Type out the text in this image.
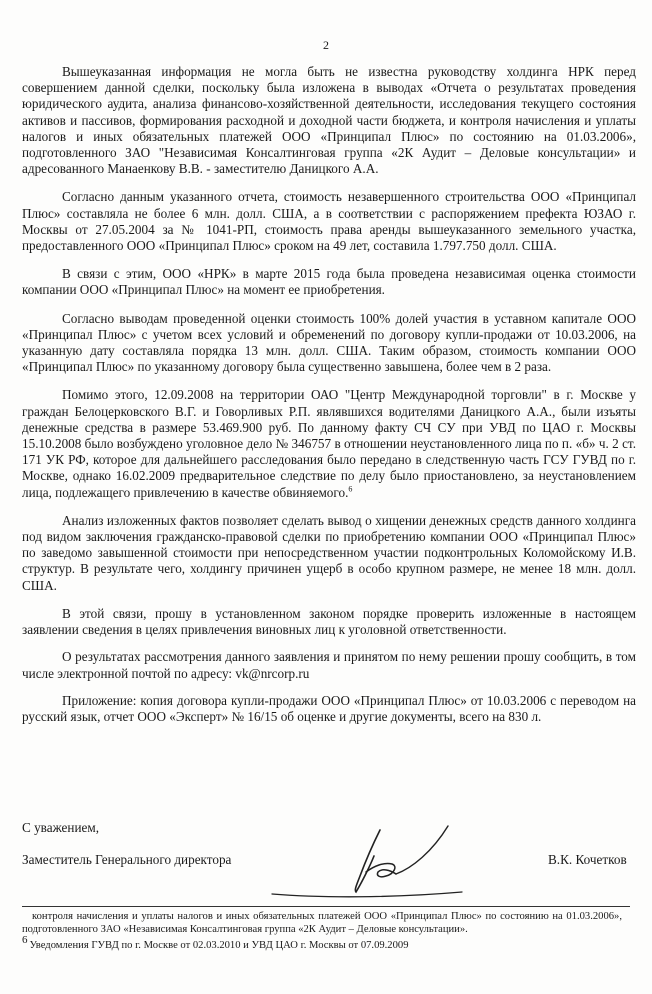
2

Вышеуказанная информация не могла быть не известна руководству холдинга НРК перед совершением данной сделки, поскольку была изложена в выводах «Отчета о результатах проведения юридического аудита, анализа финансово-хозяйственной деятельности, исследования текущего состояния активов и пассивов, формирования расходной и доходной части бюджета, и контроля начисления и уплаты налогов и иных обязательных платежей ООО «Принципал Плюс» по состоянию на 01.03.2006», подготовленного ЗАО "Независимая Консалтинговая группа «2К Аудит – Деловые консультации» и адресованного Манаенкову В.В. - заместителю Даницкого А.А.

Согласно данным указанного отчета, стоимость незавершенного строительства ООО «Принципал Плюс» составляла не более 6 млн. долл. США, а в соответствии с распоряжением префекта ЮЗАО г. Москвы от 27.05.2004 за № 1041-РП, стоимость права аренды вышеуказанного земельного участка, предоставленного ООО «Принципал Плюс» сроком на 49 лет, составила 1.797.750 долл. США.

В связи с этим, ООО «НРК» в марте 2015 года была проведена независимая оценка стоимости компании ООО «Принципал Плюс» на момент ее приобретения.

Согласно выводам проведенной оценки стоимость 100% долей участия в уставном капитале ООО «Принципал Плюс» с учетом всех условий и обременений по договору купли-продажи от 10.03.2006, на указанную дату составляла порядка 13 млн. долл. США. Таким образом, стоимость компании ООО «Принципал Плюс» по указанному договору была существенно завышена, более чем в 2 раза.

Помимо этого, 12.09.2008 на территории ОАО "Центр Международной торговли" в г. Москве у граждан Белоцерковского В.Г. и Говорливых Р.П. являвшихся водителями Даницкого А.А., были изъяты денежные средства в размере 53.469.900 руб. По данному факту СЧ СУ при УВД по ЦАО г. Москвы 15.10.2008 было возбуждено уголовное дело № 346757 в отношении неустановленного лица по п. «б» ч. 2 ст. 171 УК РФ, которое для дальнейшего расследования было передано в следственную часть ГСУ ГУВД по г. Москве, однако 16.02.2009 предварительное следствие по делу было приостановлено, за неустановлением лица, подлежащего привлечению в качестве обвиняемого.$^6$

Анализ изложенных фактов позволяет сделать вывод о хищении денежных средств данного холдинга под видом заключения гражданско-правовой сделки по приобретению компании ООО «Принципал Плюс» по заведомо завышенной стоимости при непосредственном участии подконтрольных Коломойскому И.В. структур. В результате чего, холдингу причинен ущерб в особо крупном размере, не менее 18 млн. долл. США.

В этой связи, прошу в установленном законом порядке проверить изложенные в настоящем заявлении сведения в целях привлечения виновных лиц к уголовной ответственности.

О результатах рассмотрения данного заявления и принятом по нему решении прошу сообщить, в том числе электронной почтой по адресу: vk@nrcorp.ru

Приложение: копия договора купли-продажи ООО «Принципал Плюс» от 10.03.2006 с переводом на русский язык, отчет ООО «Эксперт» № 16/15 об оценке и другие документы, всего на 830 л.

С уважением,
Заместитель Генерального директора	В.К. Кочетков
контроля начисления и уплаты налогов и иных обязательных платежей ООО «Принципал Плюс» по состоянию на 01.03.2006», подготовленного ЗАО «Независимая Консалтинговая группа «2К Аудит – Деловые консультации».
6 Уведомления ГУВД по г. Москве от 02.03.2010 и УВД ЦАО г. Москвы от 07.09.2009
